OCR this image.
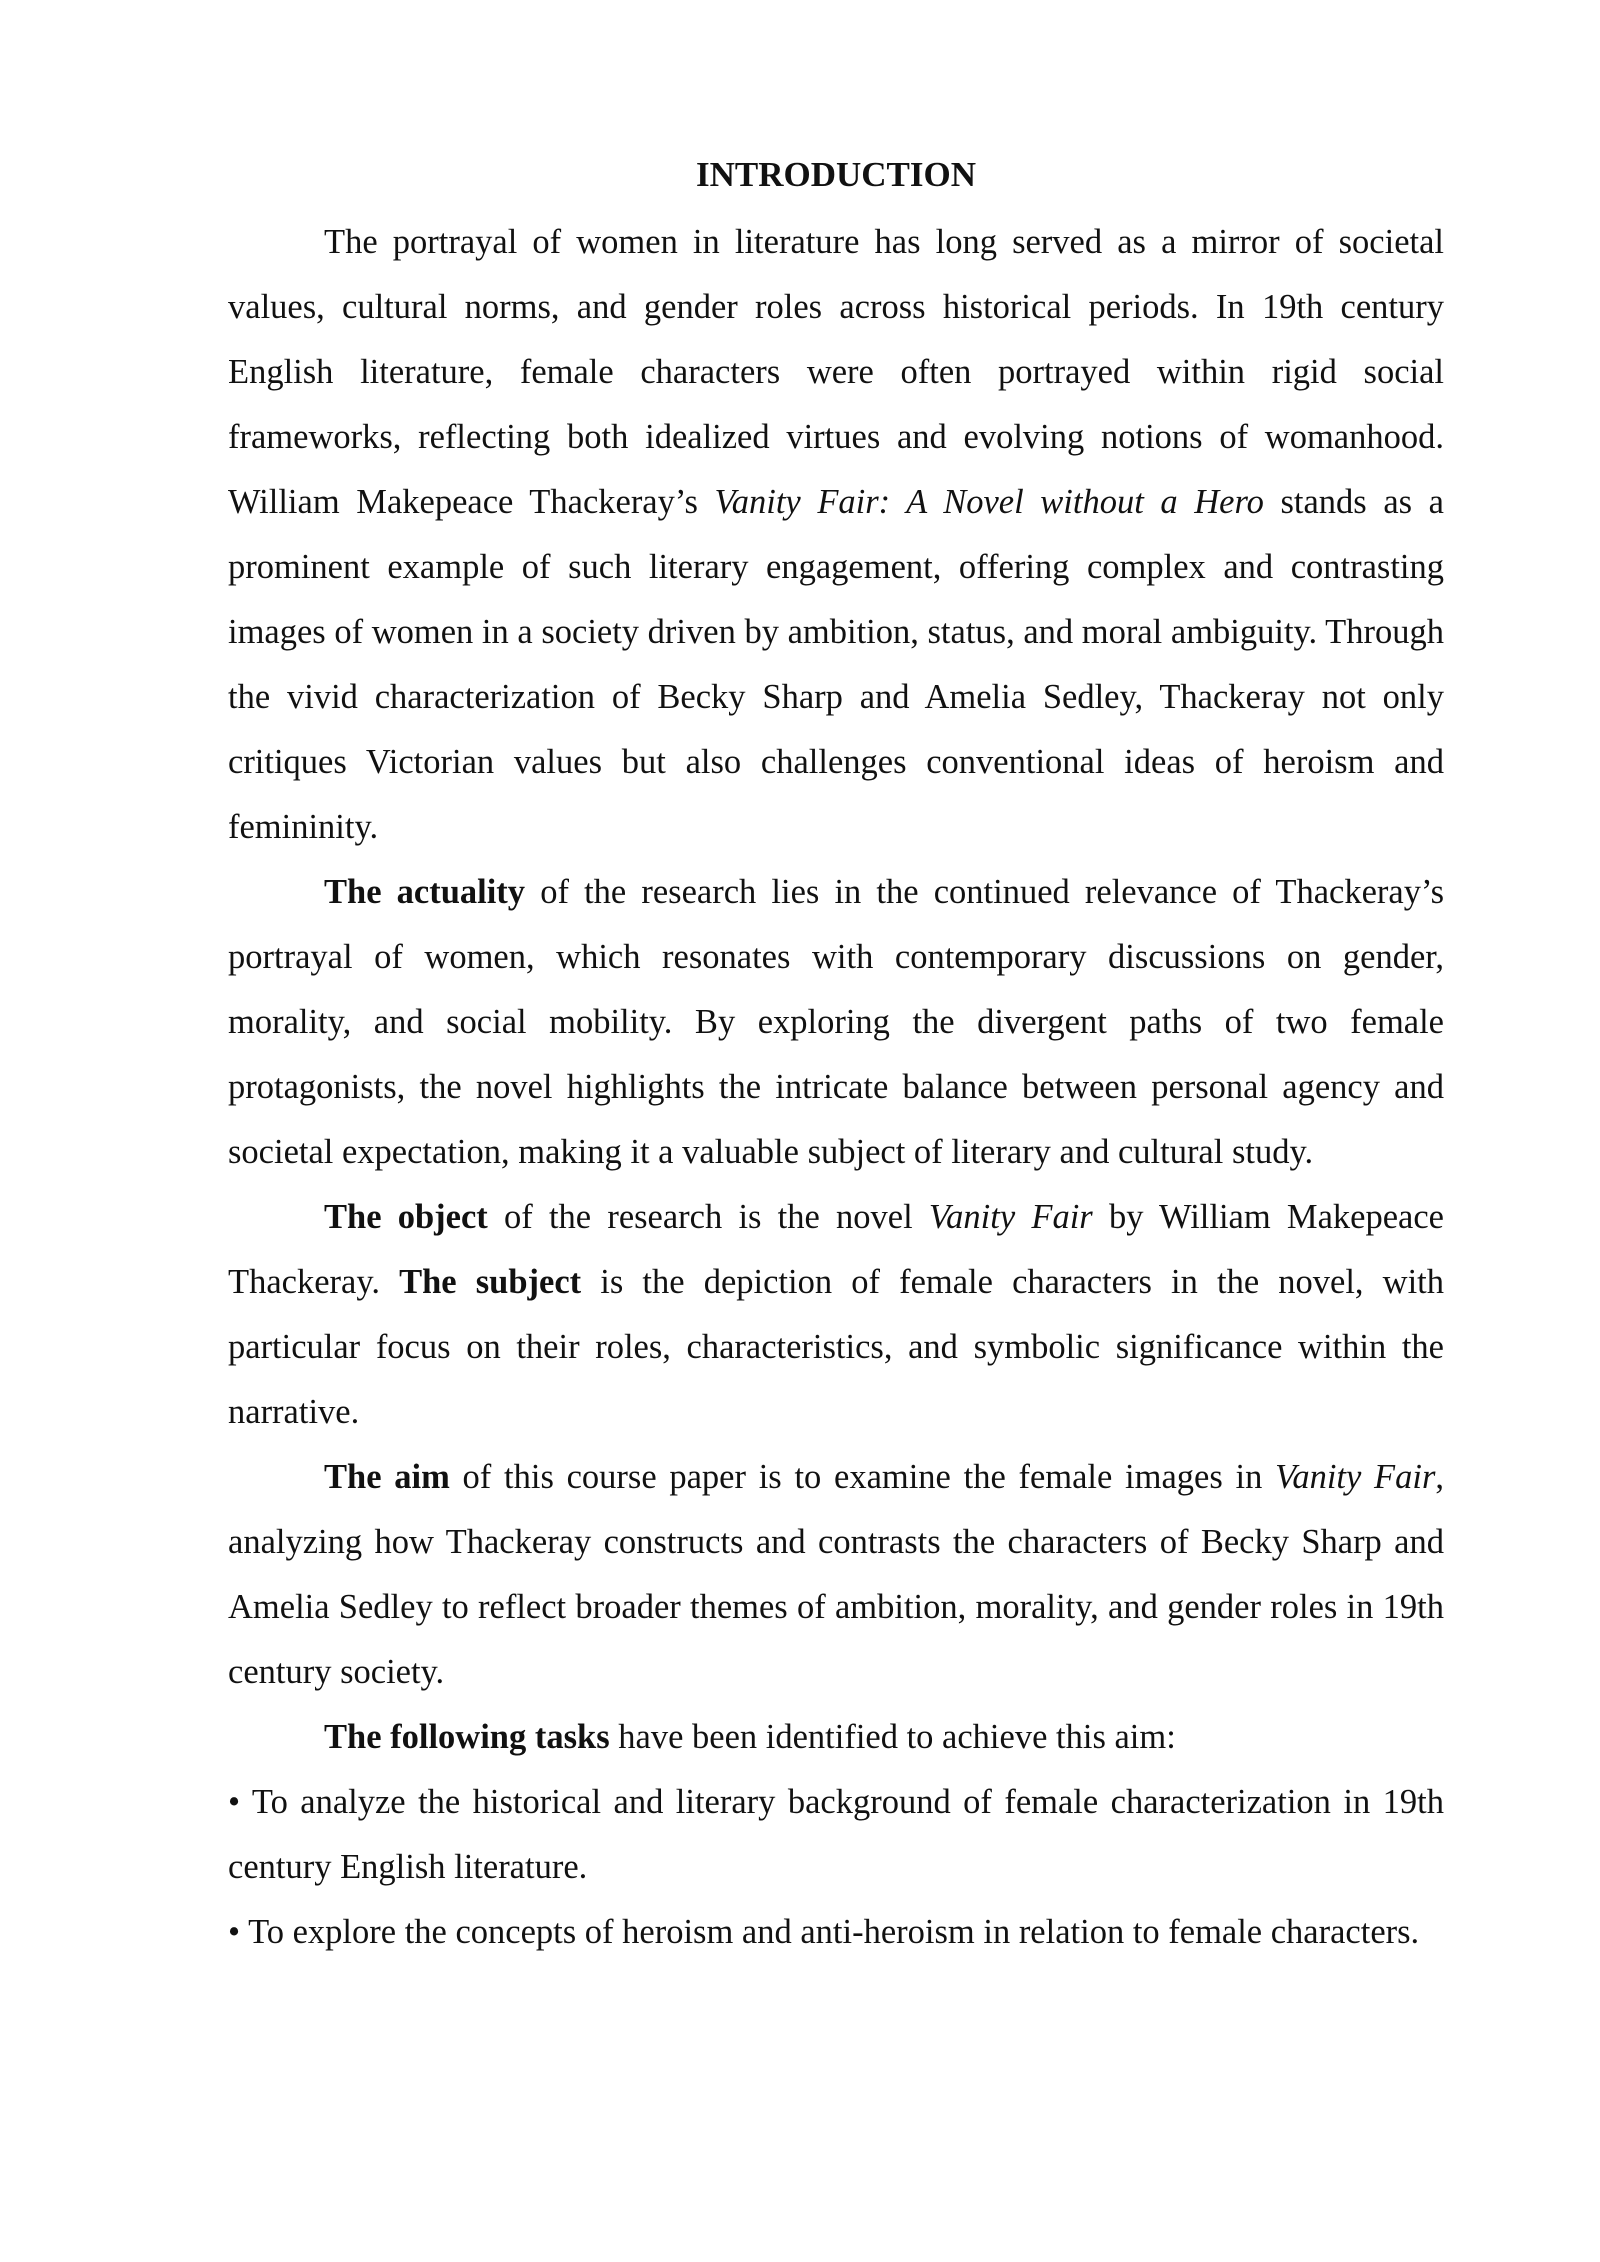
INTRODUCTION

The portrayal of women in literature has long served as a mirror of societal values, cultural norms, and gender roles across historical periods. In 19th century English literature, female characters were often portrayed within rigid social frameworks, reflecting both idealized virtues and evolving notions of womanhood. William Makepeace Thackeray’s Vanity Fair: A Novel without a Hero stands as a prominent example of such literary engagement, offering complex and contrasting images of women in a society driven by ambition, status, and moral ambiguity. Through the vivid characterization of Becky Sharp and Amelia Sedley, Thackeray not only critiques Victorian values but also challenges conventional ideas of heroism and femininity.

The actuality of the research lies in the continued relevance of Thackeray’s portrayal of women, which resonates with contemporary discussions on gender, morality, and social mobility. By exploring the divergent paths of two female protagonists, the novel highlights the intricate balance between personal agency and societal expectation, making it a valuable subject of literary and cultural study.

The object of the research is the novel Vanity Fair by William Makepeace Thackeray. The subject is the depiction of female characters in the novel, with particular focus on their roles, characteristics, and symbolic significance within the narrative.

The aim of this course paper is to examine the female images in Vanity Fair, analyzing how Thackeray constructs and contrasts the characters of Becky Sharp and Amelia Sedley to reflect broader themes of ambition, morality, and gender roles in 19th century society.

The following tasks have been identified to achieve this aim:

• To analyze the historical and literary background of female characterization in 19th century English literature.

• To explore the concepts of heroism and anti-heroism in relation to female characters.
